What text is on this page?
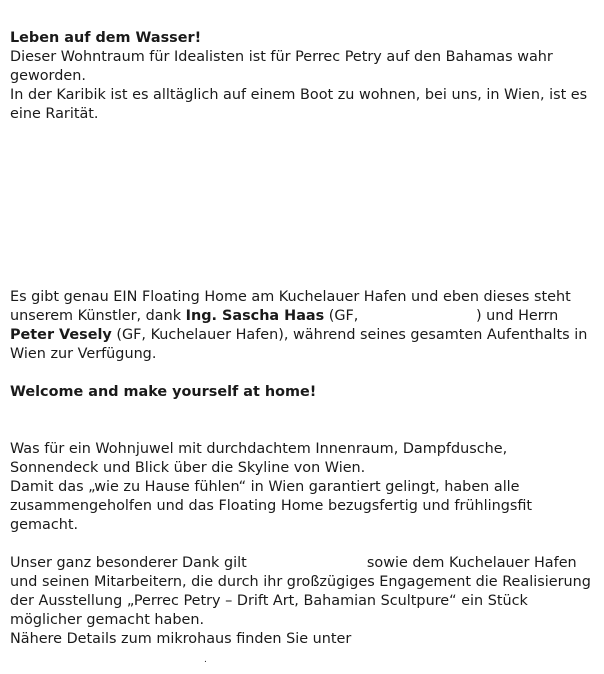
Leben auf dem Wasser!

Dieser Wohntraum für Idealisten ist für Perrec Petry auf den Bahamas wahr geworden.

In der Karibik ist es alltäglich auf einem Boot zu wohnen, bei uns, in Wien, ist es eine Rarität.

Es gibt genau EIN Floating Home am Kuchelauer Hafen und eben dieses steht unserem Künstler, dank Ing. Sascha Haas (GF,	) und Herrn Peter Vesely (GF, Kuchelauer Hafen), während seines gesamten Aufenthalts in Wien zur Verfügung.

Welcome and make yourself at home!

Was für ein Wohnjuwel mit durchdachtem Innenraum, Dampfdusche, Sonnendeck und Blick über die Skyline von Wien.

Damit das „wie zu Hause fühlen“ in Wien garantiert gelingt, haben alle zusammengeholfen und das Floating Home bezugsfertig und frühlingsfit gemacht.

Unser ganz besonderer Dank gilt	sowie dem Kuchelauer Hafen und seinen Mitarbeitern, die durch ihr großzügiges Engagement die Realisierung der Ausstellung „Perrec Petry – Drift Art, Bahamian Scultpure“ ein Stück möglicher gemacht haben.

Nähere Details zum mikrohaus finden Sie unter

.
